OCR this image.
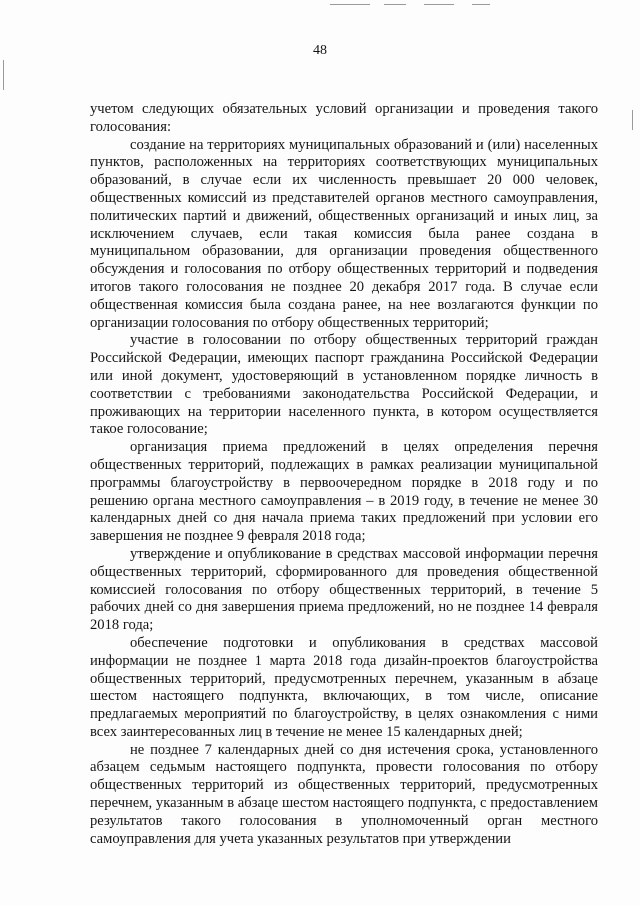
48

учетом следующих обязательных условий организации и проведения такого голосования:

создание на территориях муниципальных образований и (или) населенных пунктов, расположенных на территориях соответствующих муниципальных образований, в случае если их численность превышает 20 000 человек, общественных комиссий из представителей органов местного самоуправления, политических партий и движений, общественных организаций и иных лиц, за исключением случаев, если такая комиссия была ранее создана в муниципальном образовании, для организации проведения общественного обсуждения и голосования по отбору общественных территорий и подведения итогов такого голосования не позднее 20 декабря 2017 года. В случае если общественная комиссия была создана ранее, на нее возлагаются функции по организации голосования по отбору общественных территорий;

участие в голосовании по отбору общественных территорий граждан Российской Федерации, имеющих паспорт гражданина Российской Федерации или иной документ, удостоверяющий в установленном порядке личность в соответствии с требованиями законодательства Российской Федерации, и проживающих на территории населенного пункта, в котором осуществляется такое голосование;

организация приема предложений в целях определения перечня общественных территорий, подлежащих в рамках реализации муниципальной программы благоустройству в первоочередном порядке в 2018 году и по решению органа местного самоуправления – в 2019 году, в течение не менее 30 календарных дней со дня начала приема таких предложений при условии его завершения не позднее 9 февраля 2018 года;

утверждение и опубликование в средствах массовой информации перечня общественных территорий, сформированного для проведения общественной комиссией голосования по отбору общественных территорий, в течение 5 рабочих дней со дня завершения приема предложений, но не позднее 14 февраля 2018 года;

обеспечение подготовки и опубликования в средствах массовой информации не позднее 1 марта 2018 года дизайн-проектов благоустройства общественных территорий, предусмотренных перечнем, указанным в абзаце шестом настоящего подпункта, включающих, в том числе, описание предлагаемых мероприятий по благоустройству, в целях ознакомления с ними всех заинтересованных лиц в течение не менее 15 календарных дней;

не позднее 7 календарных дней со дня истечения срока, установленного абзацем седьмым настоящего подпункта, провести голосования по отбору общественных территорий из общественных территорий, предусмотренных перечнем, указанным в абзаце шестом настоящего подпункта, с предоставлением результатов такого голосования в уполномоченный орган местного самоуправления для учета указанных результатов при утверждении
